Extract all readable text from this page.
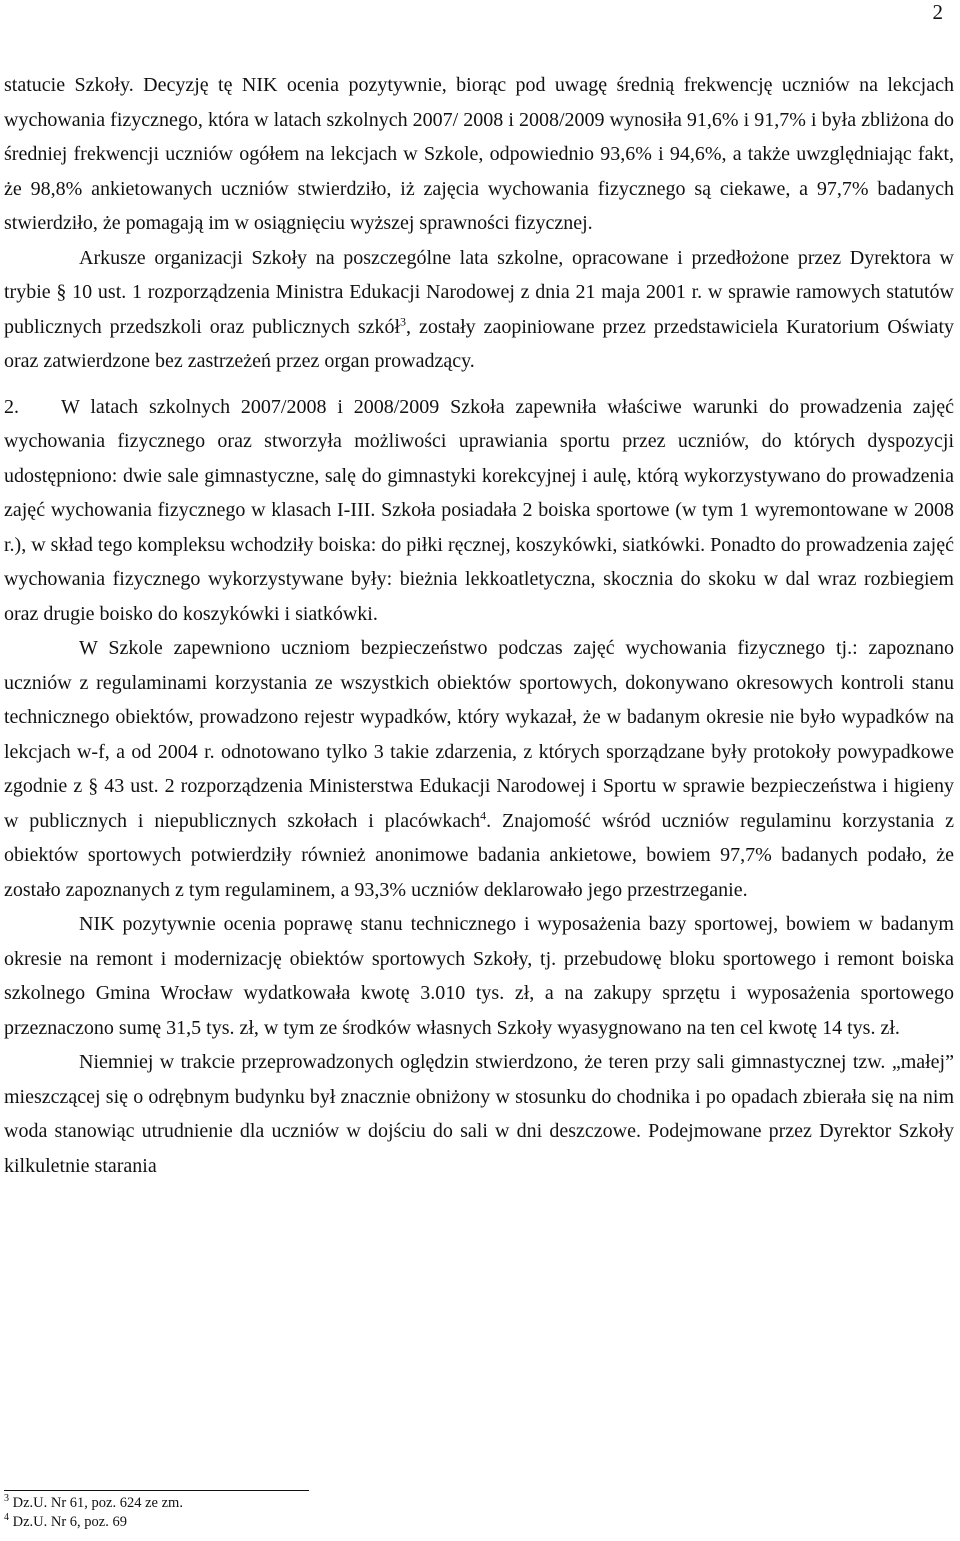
2

statucie Szkoły. Decyzję tę NIK ocenia pozytywnie, biorąc pod uwagę średnią frekwencję uczniów na lekcjach wychowania fizycznego, która w latach szkolnych 2007/ 2008 i 2008/2009 wynosiła 91,6% i 91,7% i była zbliżona do średniej frekwencji uczniów ogółem na lekcjach w Szkole, odpowiednio 93,6% i 94,6%, a także uwzględniając fakt, że 98,8% ankietowanych uczniów stwierdziło, iż zajęcia wychowania fizycznego są ciekawe, a 97,7% badanych stwierdziło, że pomagają im w osiągnięciu wyższej sprawności fizycznej.

Arkusze organizacji Szkoły na poszczególne lata szkolne, opracowane i przedłożone przez Dyrektora w trybie § 10 ust. 1 rozporządzenia Ministra Edukacji Narodowej z dnia 21 maja 2001 r. w sprawie ramowych statutów publicznych przedszkoli oraz publicznych szkół$^3$, zostały zaopiniowane przez przedstawiciela Kuratorium Oświaty oraz zatwierdzone bez zastrzeżeń przez organ prowadzący.

2. W latach szkolnych 2007/2008 i 2008/2009 Szkoła zapewniła właściwe warunki do prowadzenia zajęć wychowania fizycznego oraz stworzyła możliwości uprawiania sportu przez uczniów, do których dyspozycji udostępniono: dwie sale gimnastyczne, salę do gimnastyki korekcyjnej i aulę, którą wykorzystywano do prowadzenia zajęć wychowania fizycznego w klasach I-III. Szkoła posiadała 2 boiska sportowe (w tym 1 wyremontowane w 2008 r.), w skład tego kompleksu wchodziły boiska: do piłki ręcznej, koszykówki, siatkówki. Ponadto do prowadzenia zajęć wychowania fizycznego wykorzystywane były: bieżnia lekkoatletyczna, skocznia do skoku w dal wraz rozbiegiem oraz drugie boisko do koszykówki i siatkówki.

W Szkole zapewniono uczniom bezpieczeństwo podczas zajęć wychowania fizycznego tj.: zapoznano uczniów z regulaminami korzystania ze wszystkich obiektów sportowych, dokonywano okresowych kontroli stanu technicznego obiektów, prowadzono rejestr wypadków, który wykazał, że w badanym okresie nie było wypadków na lekcjach w-f, a od 2004 r. odnotowano tylko 3 takie zdarzenia, z których sporządzane były protokoły powypadkowe zgodnie z § 43 ust. 2 rozporządzenia Ministerstwa Edukacji Narodowej i Sportu w sprawie bezpieczeństwa i higieny w publicznych i niepublicznych szkołach i placówkach$^4$. Znajomość wśród uczniów regulaminu korzystania z obiektów sportowych potwierdziły również anonimowe badania ankietowe, bowiem 97,7% badanych podało, że zostało zapoznanych z tym regulaminem, a 93,3% uczniów deklarowało jego przestrzeganie.

NIK pozytywnie ocenia poprawę stanu technicznego i wyposażenia bazy sportowej, bowiem w badanym okresie na remont i modernizację obiektów sportowych Szkoły, tj. przebudowę bloku sportowego i remont boiska szkolnego Gmina Wrocław wydatkowała kwotę 3.010 tys. zł, a na zakupy sprzętu i wyposażenia sportowego przeznaczono sumę 31,5 tys. zł, w tym ze środków własnych Szkoły wyasygnowano na ten cel kwotę 14 tys. zł.

Niemniej w trakcie przeprowadzonych oględzin stwierdzono, że teren przy sali gimnastycznej tzw. „małej” mieszczącej się o odrębnym budynku był znacznie obniżony w stosunku do chodnika i po opadach zbierała się na nim woda stanowiąc utrudnienie dla uczniów w dojściu do sali w dni deszczowe. Podejmowane przez Dyrektor Szkoły kilkuletnie starania

$^3$ Dz.U. Nr 61, poz. 624 ze zm.
$^4$ Dz.U. Nr 6, poz. 69
